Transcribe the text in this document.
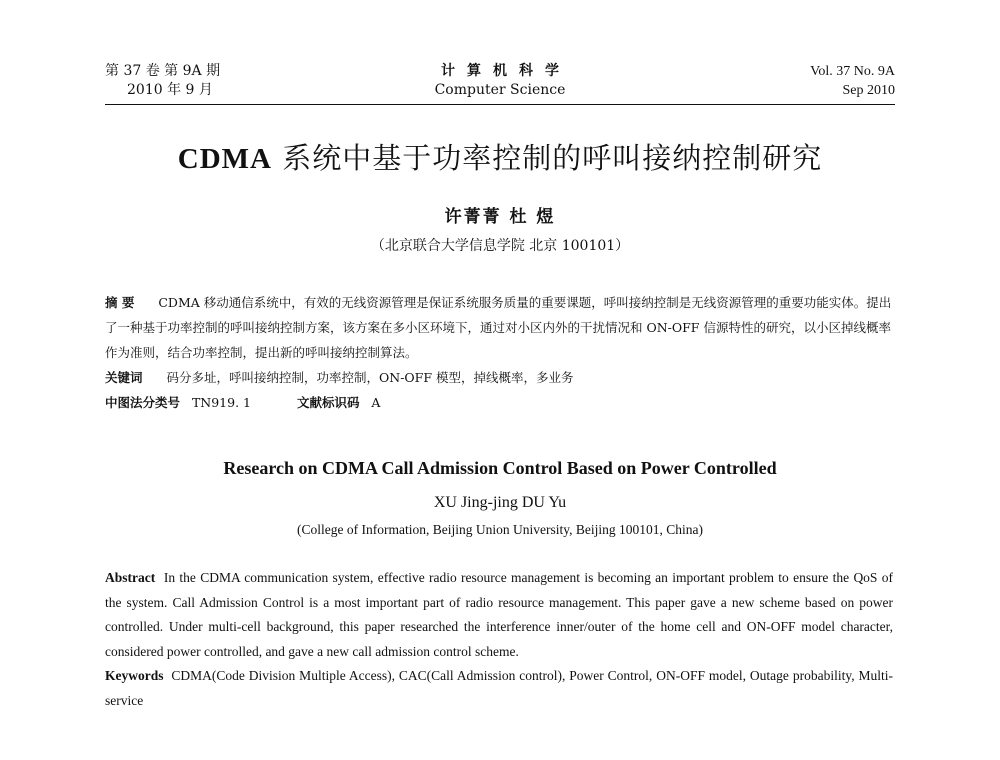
第 37 卷 第 9A 期
2010 年 9 月
计算机科学
Computer Science
Vol. 37 No. 9A
Sep 2010
CDMA 系统中基于功率控制的呼叫接纳控制研究
许菁菁 杜 煜
（北京联合大学信息学院 北京 100101）

摘 要 CDMA 移动通信系统中，有效的无线资源管理是保证系统服务质量的重要课题，呼叫接纳控制是无线资源管理的重要功能实体。提出了一种基于功率控制的呼叫接纳控制方案，该方案在多小区环境下，通过对小区内外的干扰情况和 ON-OFF 信源特性的研究，以小区掉线概率作为准则，结合功率控制，提出新的呼叫接纳控制算法。

关键词 码分多址，呼叫接纳控制，功率控制，ON-OFF 模型，掉线概率，多业务

中图法分类号 TN919. 1	文献标识码 A

Research on CDMA Call Admission Control Based on Power Controlled
XU Jing-jing DU Yu
(College of Information, Beijing Union University, Beijing 100101, China)

Abstract In the CDMA communication system, effective radio resource management is becoming an important problem to ensure the QoS of the system. Call Admission Control is a most important part of radio resource management. This paper gave a new scheme based on power controlled. Under multi-cell background, this paper researched the interference inner/outer of the home cell and ON-OFF model character, considered power controlled, and gave a new call admission control scheme.

Keywords CDMA(Code Division Multiple Access), CAC(Call Admission control), Power Control, ON-OFF model, Outage probability, Multi-service
